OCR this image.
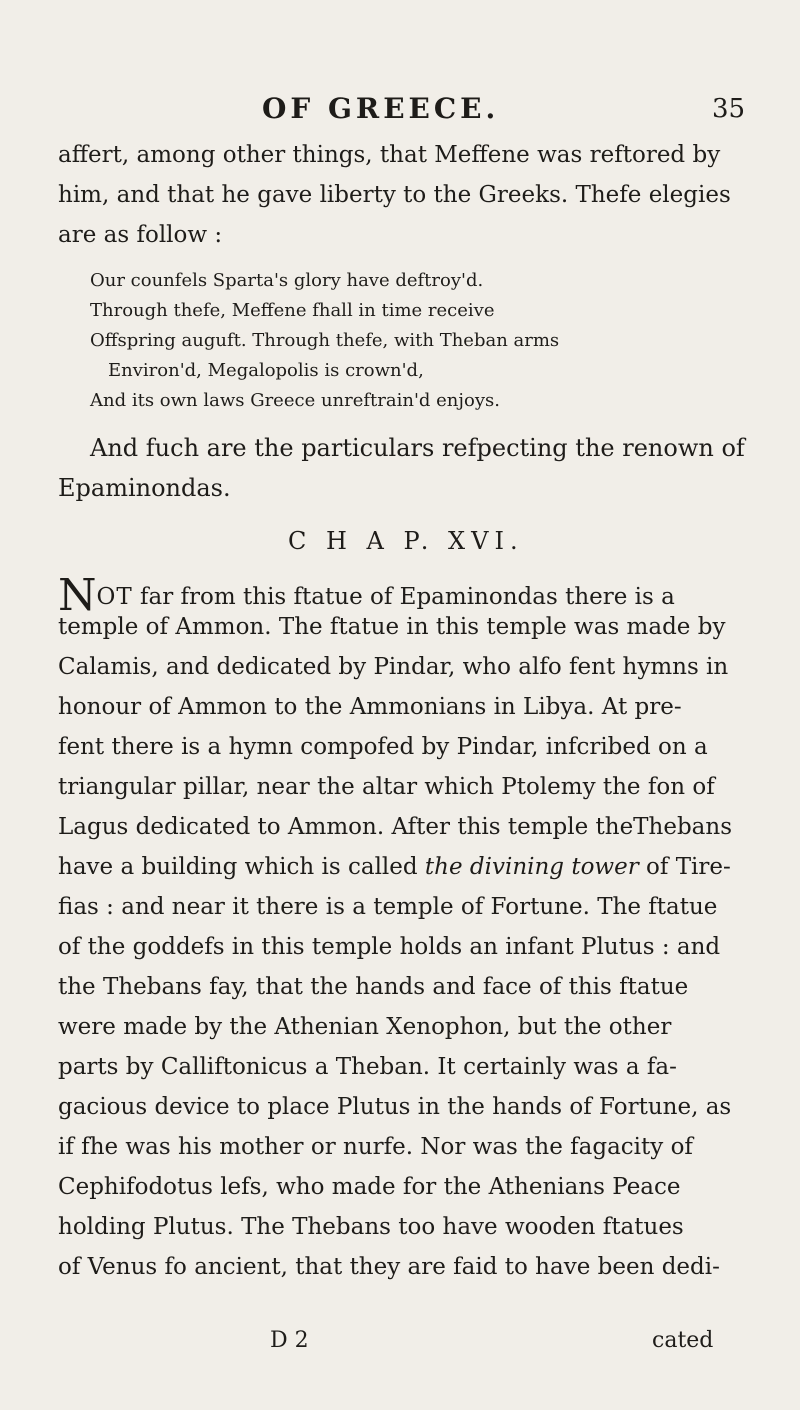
OF GREECE.	35
affert, among other things, that Meffene was reftored by
him, and that he gave liberty to the Greeks. Thefe elegies
are as follow :
Our counfels Sparta's glory have deftroy'd.
Through thefe, Meffene fhall in time receive
Offspring auguft. Through thefe, with Theban arms
Environ'd, Megalopolis is crown'd,
And its own laws Greece unreftrain'd enjoys.
And fuch are the particulars refpecting the renown of
Epaminondas.
C H A P. XVI.
NOT far from this ftatue of Epaminondas there is a
temple of Ammon. The ftatue in this temple was made by
Calamis, and dedicated by Pindar, who alfo fent hymns in
honour of Ammon to the Ammonians in Libya. At pre-
fent there is a hymn compofed by Pindar, infcribed on a
triangular pillar, near the altar which Ptolemy the fon of
Lagus dedicated to Ammon. After this temple theThebans
have a building which is called the divining tower of Tire-
fias : and near it there is a temple of Fortune. The ftatue
of the goddefs in this temple holds an infant Plutus : and
the Thebans fay, that the hands and face of this ftatue
were made by the Athenian Xenophon, but the other
parts by Calliftonicus a Theban. It certainly was a fa-
gacious device to place Plutus in the hands of Fortune, as
if fhe was his mother or nurfe. Nor was the fagacity of
Cephifodotus lefs, who made for the Athenians Peace
holding Plutus. The Thebans too have wooden ftatues
of Venus fo ancient, that they are faid to have been dedi-
D 2	cated
